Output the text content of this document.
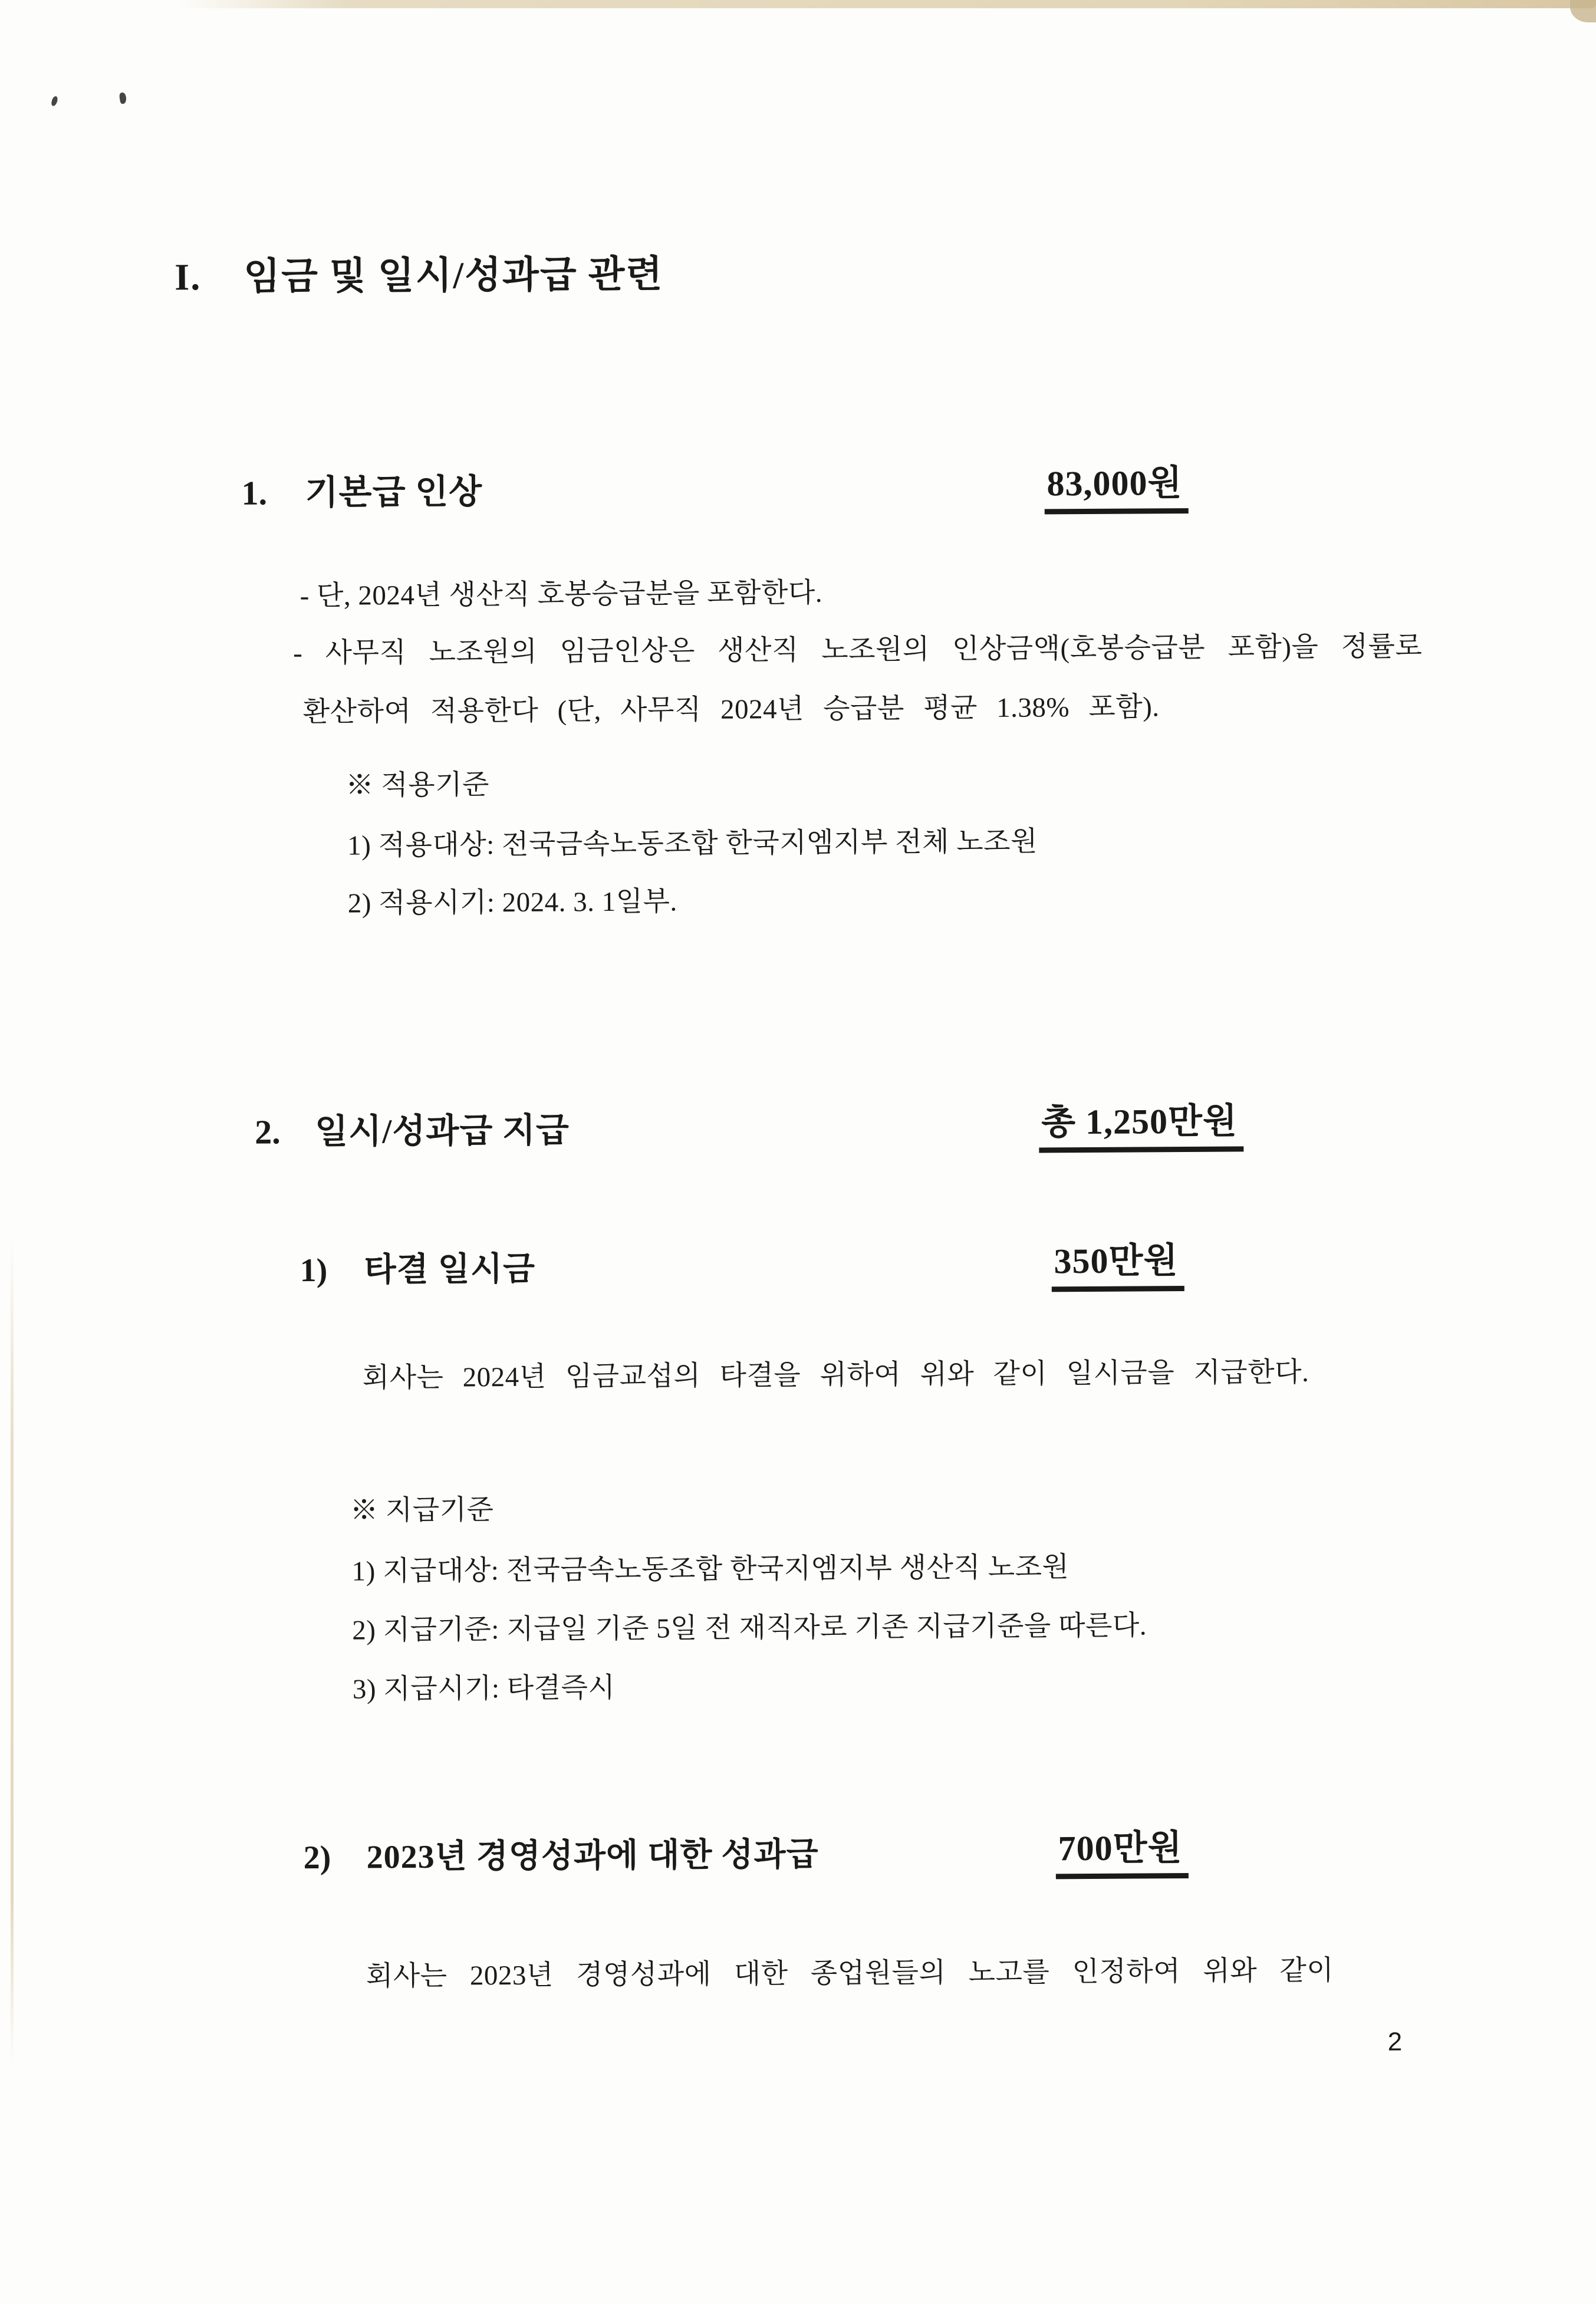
I. 임금 및 일시/성과급 관련
1. 기본급 인상	83,000원
- 단, 2024년 생산직 호봉승급분을 포함한다.
- 사무직 노조원의 임금인상은 생산직 노조원의 인상금액(호봉승급분 포함)을 정률로
환산하여 적용한다 (단, 사무직 2024년 승급분 평균 1.38% 포함).
※ 적용기준
1) 적용대상: 전국금속노동조합 한국지엠지부 전체 노조원
2) 적용시기: 2024. 3. 1일부.
2. 일시/성과급 지급	총 1,250만원
1) 타결 일시금	350만원
회사는 2024년 임금교섭의 타결을 위하여 위와 같이 일시금을 지급한다.
※ 지급기준
1) 지급대상: 전국금속노동조합 한국지엠지부 생산직 노조원
2) 지급기준: 지급일 기준 5일 전 재직자로 기존 지급기준을 따른다.
3) 지급시기: 타결즉시
2) 2023년 경영성과에 대한 성과급	700만원
회사는 2023년 경영성과에 대한 종업원들의 노고를 인정하여 위와 같이
2
